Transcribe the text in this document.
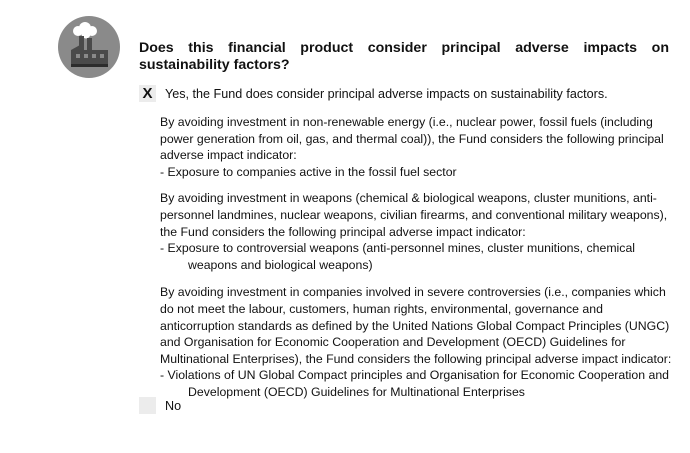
Does this financial product consider principal adverse impacts on sustainability factors?
X Yes, the Fund does consider principal adverse impacts on sustainability factors.
By avoiding investment in non-renewable energy (i.e., nuclear power, fossil fuels (including power generation from oil, gas, and thermal coal)), the Fund considers the following principal adverse impact indicator:
- Exposure to companies active in the fossil fuel sector
By avoiding investment in weapons (chemical & biological weapons, cluster munitions, anti-personnel landmines, nuclear weapons, civilian firearms, and conventional military weapons), the Fund considers the following principal adverse impact indicator:
- Exposure to controversial weapons (anti-personnel mines, cluster munitions, chemical
weapons and biological weapons)
By avoiding investment in companies involved in severe controversies (i.e., companies which do not meet the labour, customers, human rights, environmental, governance and anticorruption standards as defined by the United Nations Global Compact Principles (UNGC) and Organisation for Economic Cooperation and Development (OECD) Guidelines for Multinational Enterprises), the Fund considers the following principal adverse impact indicator:
- Violations of UN Global Compact principles and Organisation for Economic Cooperation and
Development (OECD) Guidelines for Multinational Enterprises
No
